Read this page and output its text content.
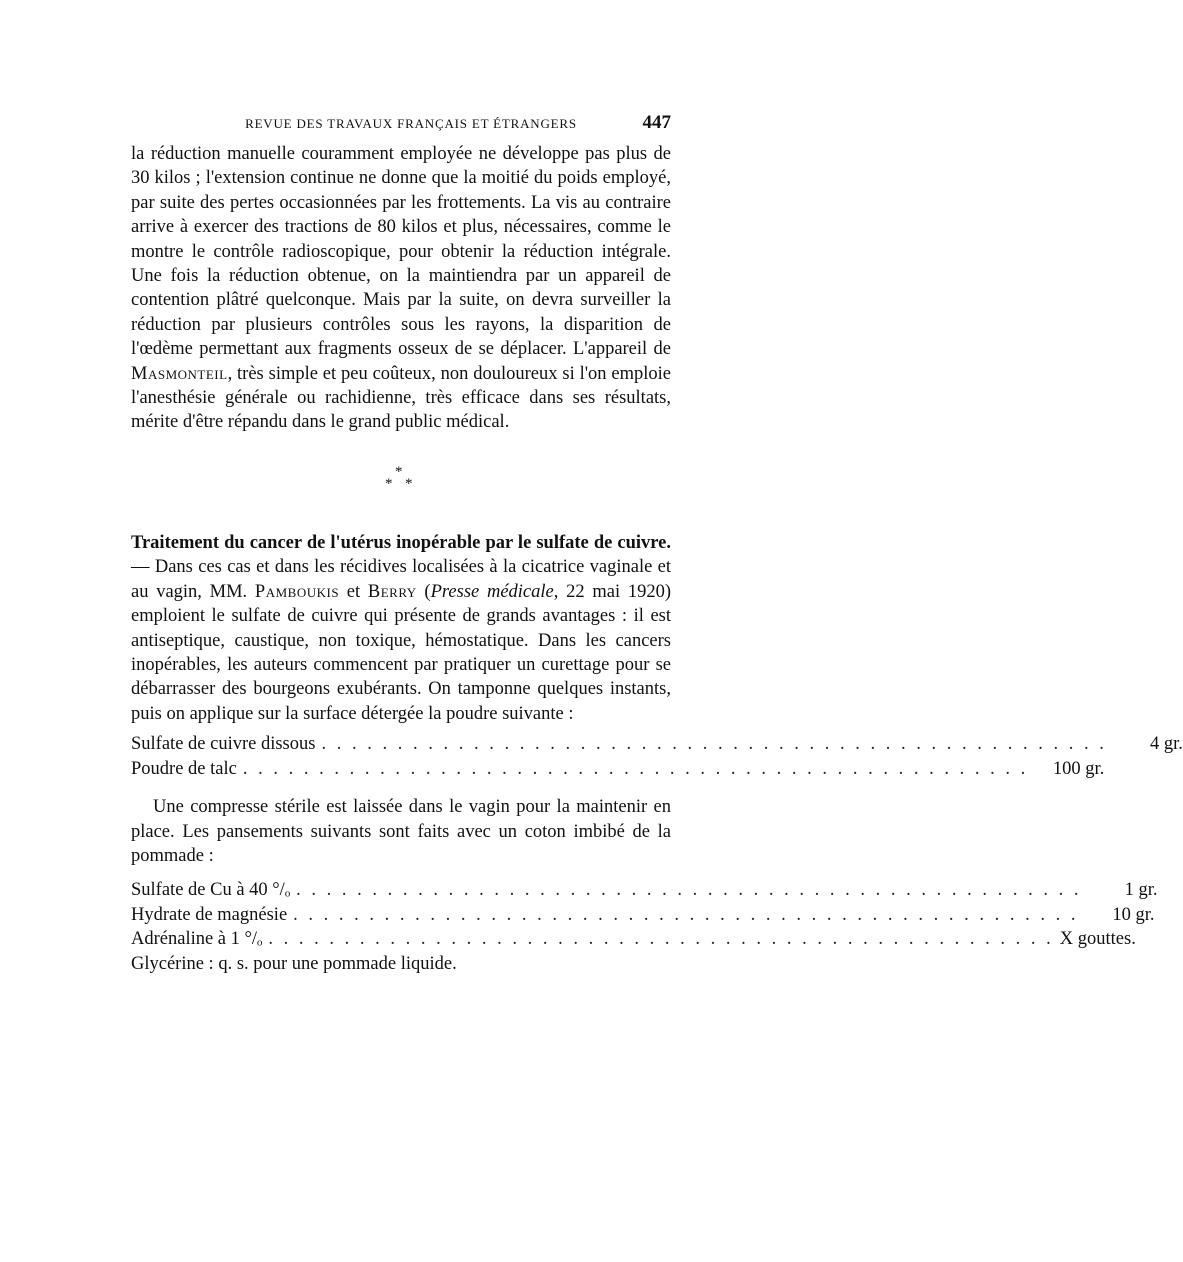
REVUE DES TRAVAUX FRANÇAIS ET ÉTRANGERS	447

la réduction manuelle couramment employée ne développe pas plus de 30 kilos ; l'extension continue ne donne que la moitié du poids employé, par suite des pertes occasionnées par les frottements. La vis au contraire arrive à exercer des tractions de 80 kilos et plus, nécessaires, comme le montre le contrôle radioscopique, pour obtenir la réduction intégrale. Une fois la réduction obtenue, on la maintiendra par un appareil de contention plâtré quelconque. Mais par la suite, on devra surveiller la réduction par plusieurs contrôles sous les rayons, la disparition de l'œdème permettant aux fragments osseux de se déplacer. L'appareil de Masmonteil, très simple et peu coûteux, non douloureux si l'on emploie l'anesthésie générale ou rachidienne, très efficace dans ses résultats, mérite d'être répandu dans le grand public médical.

*
* *

Traitement du cancer de l'utérus inopérable par le sulfate de cuivre. — Dans ces cas et dans les récidives localisées à la cicatrice vaginale et au vagin, MM. Pamboukis et Berry (Presse médicale, 22 mai 1920) emploient le sulfate de cuivre qui présente de grands avantages : il est antiseptique, caustique, non toxique, hémostatique. Dans les cancers inopérables, les auteurs commencent par pratiquer un curettage pour se débarrasser des bourgeons exubérants. On tamponne quelques instants, puis on applique sur la surface détergée la poudre suivante :

Sulfate de cuivre dissous . . . . . . . . . . . . . . . . . . . . . . . . . . . . . . . . . . . . . . . . . . . . . . . . . . . .	4 gr.
Poudre de talc . . . . . . . . . . . . . . . . . . . . . . . . . . . . . . . . . . . . . . . . . . . . . . . . . . . .	100 gr.

Une compresse stérile est laissée dans le vagin pour la maintenir en place. Les pansements suivants sont faits avec un coton imbibé de la pommade :

Sulfate de Cu à 40 °/ₒ . . . . . . . . . . . . . . . . . . . . . . . . . . . . . . . . . . . . . . . . . . . . . . . . . . . .	1 gr.
Hydrate de magnésie . . . . . . . . . . . . . . . . . . . . . . . . . . . . . . . . . . . . . . . . . . . . . . . . . . . .	10 gr.
Adrénaline à 1 °/ₒ . . . . . . . . . . . . . . . . . . . . . . . . . . . . . . . . . . . . . . . . . . . . . . . . . . . . X gouttes.
Glycérine : q. s. pour une pommade liquide.
